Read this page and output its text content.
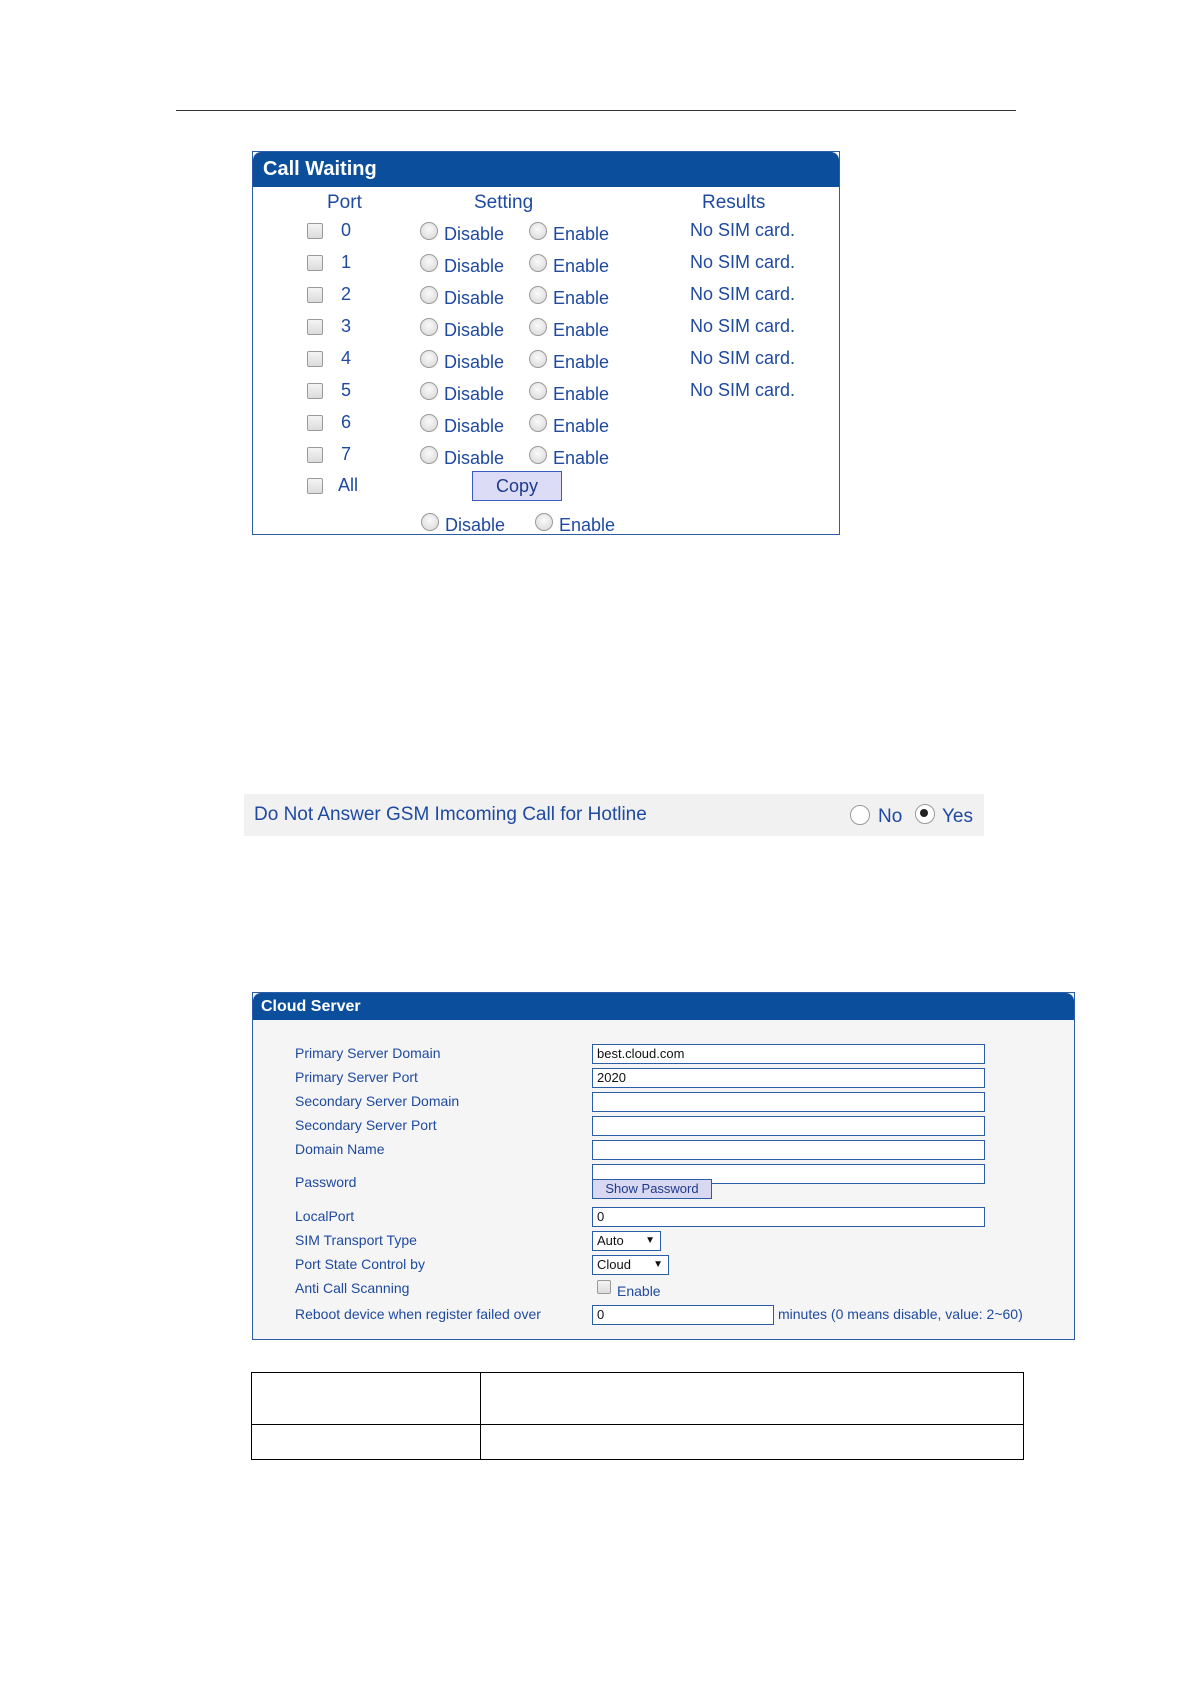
Call Waiting
Port	Setting	Results
0	Disable	Enable	No SIM card.
1	Disable	Enable	No SIM card.
2	Disable	Enable	No SIM card.
3	Disable	Enable	No SIM card.
4	Disable	Enable	No SIM card.
5	Disable	Enable	No SIM card.
6	Disable	Enable
7	Disable	Enable
All	Copy
Disable	Enable
Do Not Answer GSM Imcoming Call for Hotline	No Yes
Cloud Server
Primary Server Domain	best.cloud.com
Primary Server Port	2020
Secondary Server Domain
Secondary Server Port
Domain Name
Password	Show Password
LocalPort	0
SIM Transport Type	Auto ▼
Port State Control by	Cloud ▼
Anti Call Scanning	Enable
Reboot device when register failed over	0	minutes (0 means disable, value: 2~60)
